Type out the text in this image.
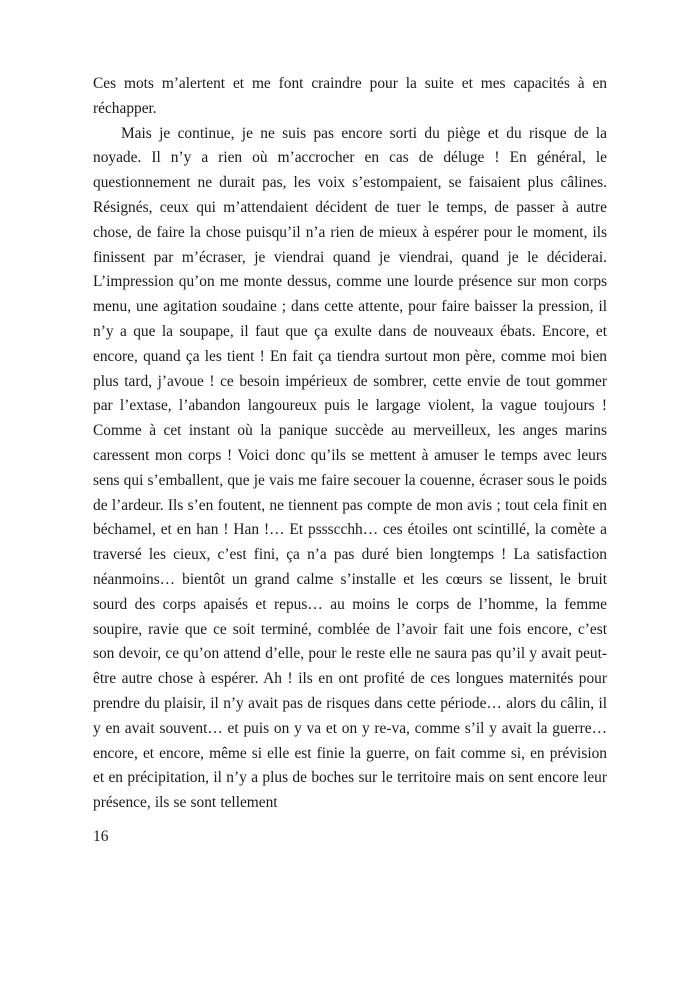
Ces mots m’alertent et me font craindre pour la suite et mes capacités à en réchapper.

Mais je continue, je ne suis pas encore sorti du piège et du risque de la noyade. Il n’y a rien où m’accrocher en cas de déluge ! En général, le questionnement ne durait pas, les voix s’estompaient, se faisaient plus câlines. Résignés, ceux qui m’attendaient décident de tuer le temps, de passer à autre chose, de faire la chose puisqu’il n’a rien de mieux à espérer pour le moment, ils finissent par m’écraser, je viendrai quand je viendrai, quand je le déciderai. L’impression qu’on me monte dessus, comme une lourde présence sur mon corps menu, une agitation soudaine ; dans cette attente, pour faire baisser la pression, il n’y a que la soupape, il faut que ça exulte dans de nouveaux ébats. Encore, et encore, quand ça les tient ! En fait ça tiendra surtout mon père, comme moi bien plus tard, j’avoue ! ce besoin impérieux de sombrer, cette envie de tout gommer par l’extase, l’abandon langoureux puis le largage violent, la vague toujours ! Comme à cet instant où la panique succède au merveilleux, les anges marins caressent mon corps ! Voici donc qu’ils se mettent à amuser le temps avec leurs sens qui s’emballent, que je vais me faire secouer la couenne, écraser sous le poids de l’ardeur. Ils s’en foutent, ne tiennent pas compte de mon avis ; tout cela finit en béchamel, et en han ! Han !… Et pssscchh… ces étoiles ont scintillé, la comète a traversé les cieux, c’est fini, ça n’a pas duré bien longtemps ! La satisfaction néanmoins… bientôt un grand calme s’installe et les cœurs se lissent, le bruit sourd des corps apaisés et repus… au moins le corps de l’homme, la femme soupire, ravie que ce soit terminé, comblée de l’avoir fait une fois encore, c’est son devoir, ce qu’on attend d’elle, pour le reste elle ne saura pas qu’il y avait peut-être autre chose à espérer. Ah ! ils en ont profité de ces longues maternités pour prendre du plaisir, il n’y avait pas de risques dans cette période… alors du câlin, il y en avait souvent… et puis on y va et on y re-va, comme s’il y avait la guerre… encore, et encore, même si elle est finie la guerre, on fait comme si, en prévision et en précipitation, il n’y a plus de boches sur le territoire mais on sent encore leur présence, ils se sont tellement

16
